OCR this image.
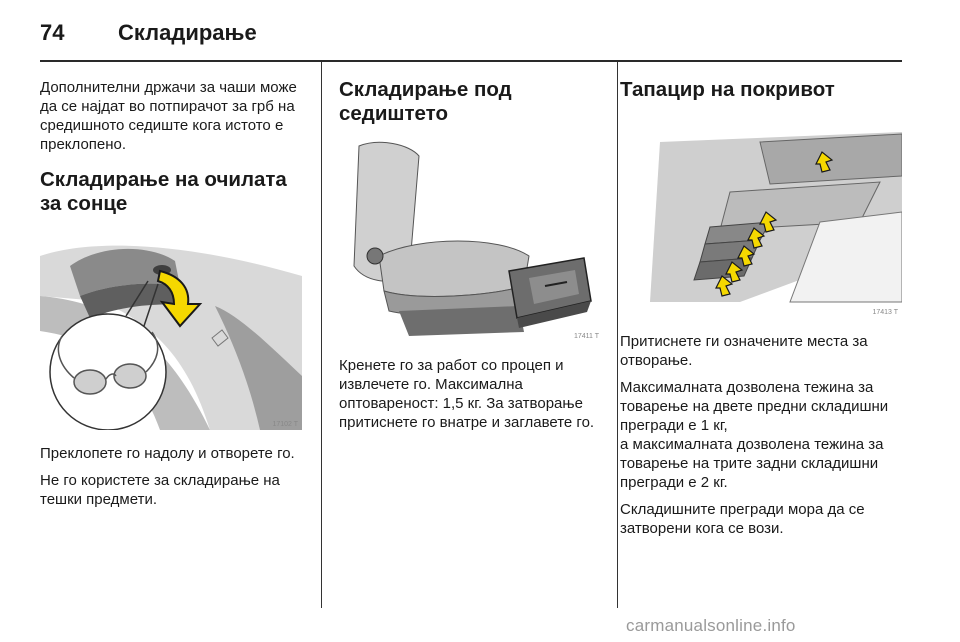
74 Складирање

Дополнителни држачи за чаши може да се најдат во потпирачот за грб на средишното седиште кога истото е преклопено.

Складирање на очилата за сонце
17102 T

Преклопете го надолу и отворете го.

Не го користете за складирање на тешки предмети.

Складирање под седиштето
17411 T

Кренете го за работ со процеп и извлечете го. Максимална оптовареност: 1,5 кг. За затворање притиснете го внатре и заглавете го.

Тапацир на покривот
17413 T

Притиснете ги означените места за отворање.

Максималната дозволена тежина за товарење на двете предни складишни прегради е 1 кг,
а максималната дозволена тежина за товарење на трите задни складишни прегради е 2 кг.

Складишните прегради мора да се затворени кога се вози.

carmanualsonline.info
